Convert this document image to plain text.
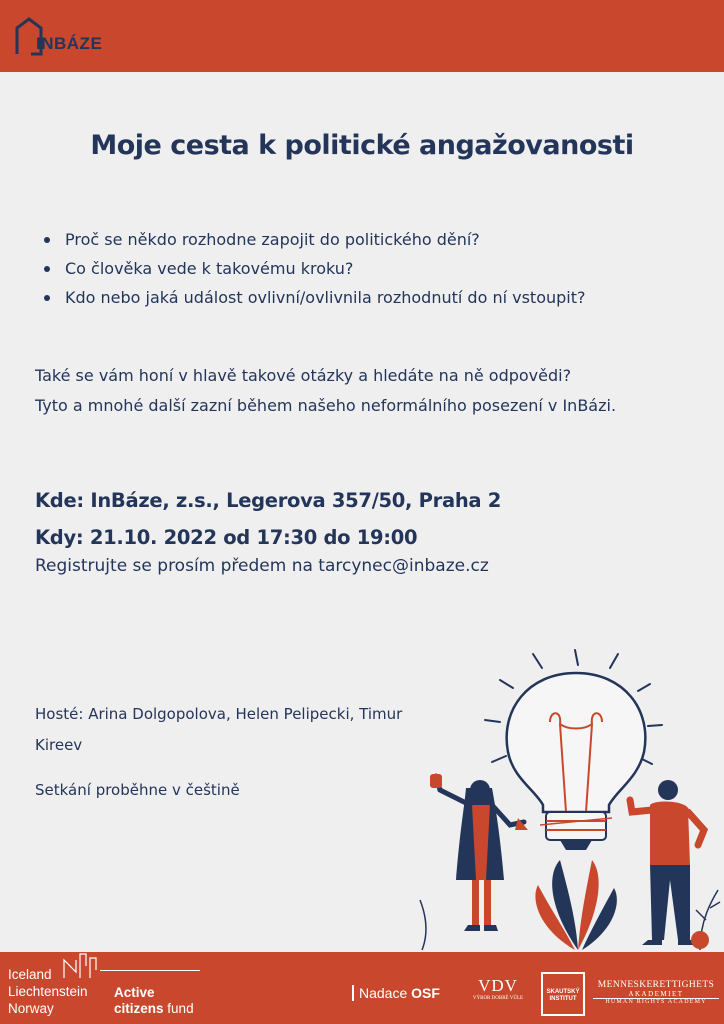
INBÁZE
Moje cesta k politické angažovanosti
Proč se někdo rozhodne zapojit do politického dění?
Co člověka vede k takovému kroku?
Kdo nebo jaká událost ovlivní/ovlivnila rozhodnutí do ní vstoupit?
Také se vám honí v hlavě takové otázky a hledáte na ně odpovědi?
Tyto a mnohé další zazní během našeho neformálního posezení v InBázi.
Kde: InBáze, z.s., Legerova 357/50, Praha 2
Kdy: 21.10. 2022 od 17:30 do 19:00
Registrujte se prosím předem na tarcynec@inbaze.cz
Hosté: Arina Dolgopolova, Helen Pelipecki, Timur Kireev
Setkání proběhne v češtině
Iceland
Liechtenstein
Norway
Active
citizens fund
Nadace OSF	VDV
VÝBOR DOBRÉ VŮLE
SKAUTSKÝ
INSTITUT
MENNESKERETTIGHETS
AKADEMIET
HUMAN RIGHTS ACADEMY
